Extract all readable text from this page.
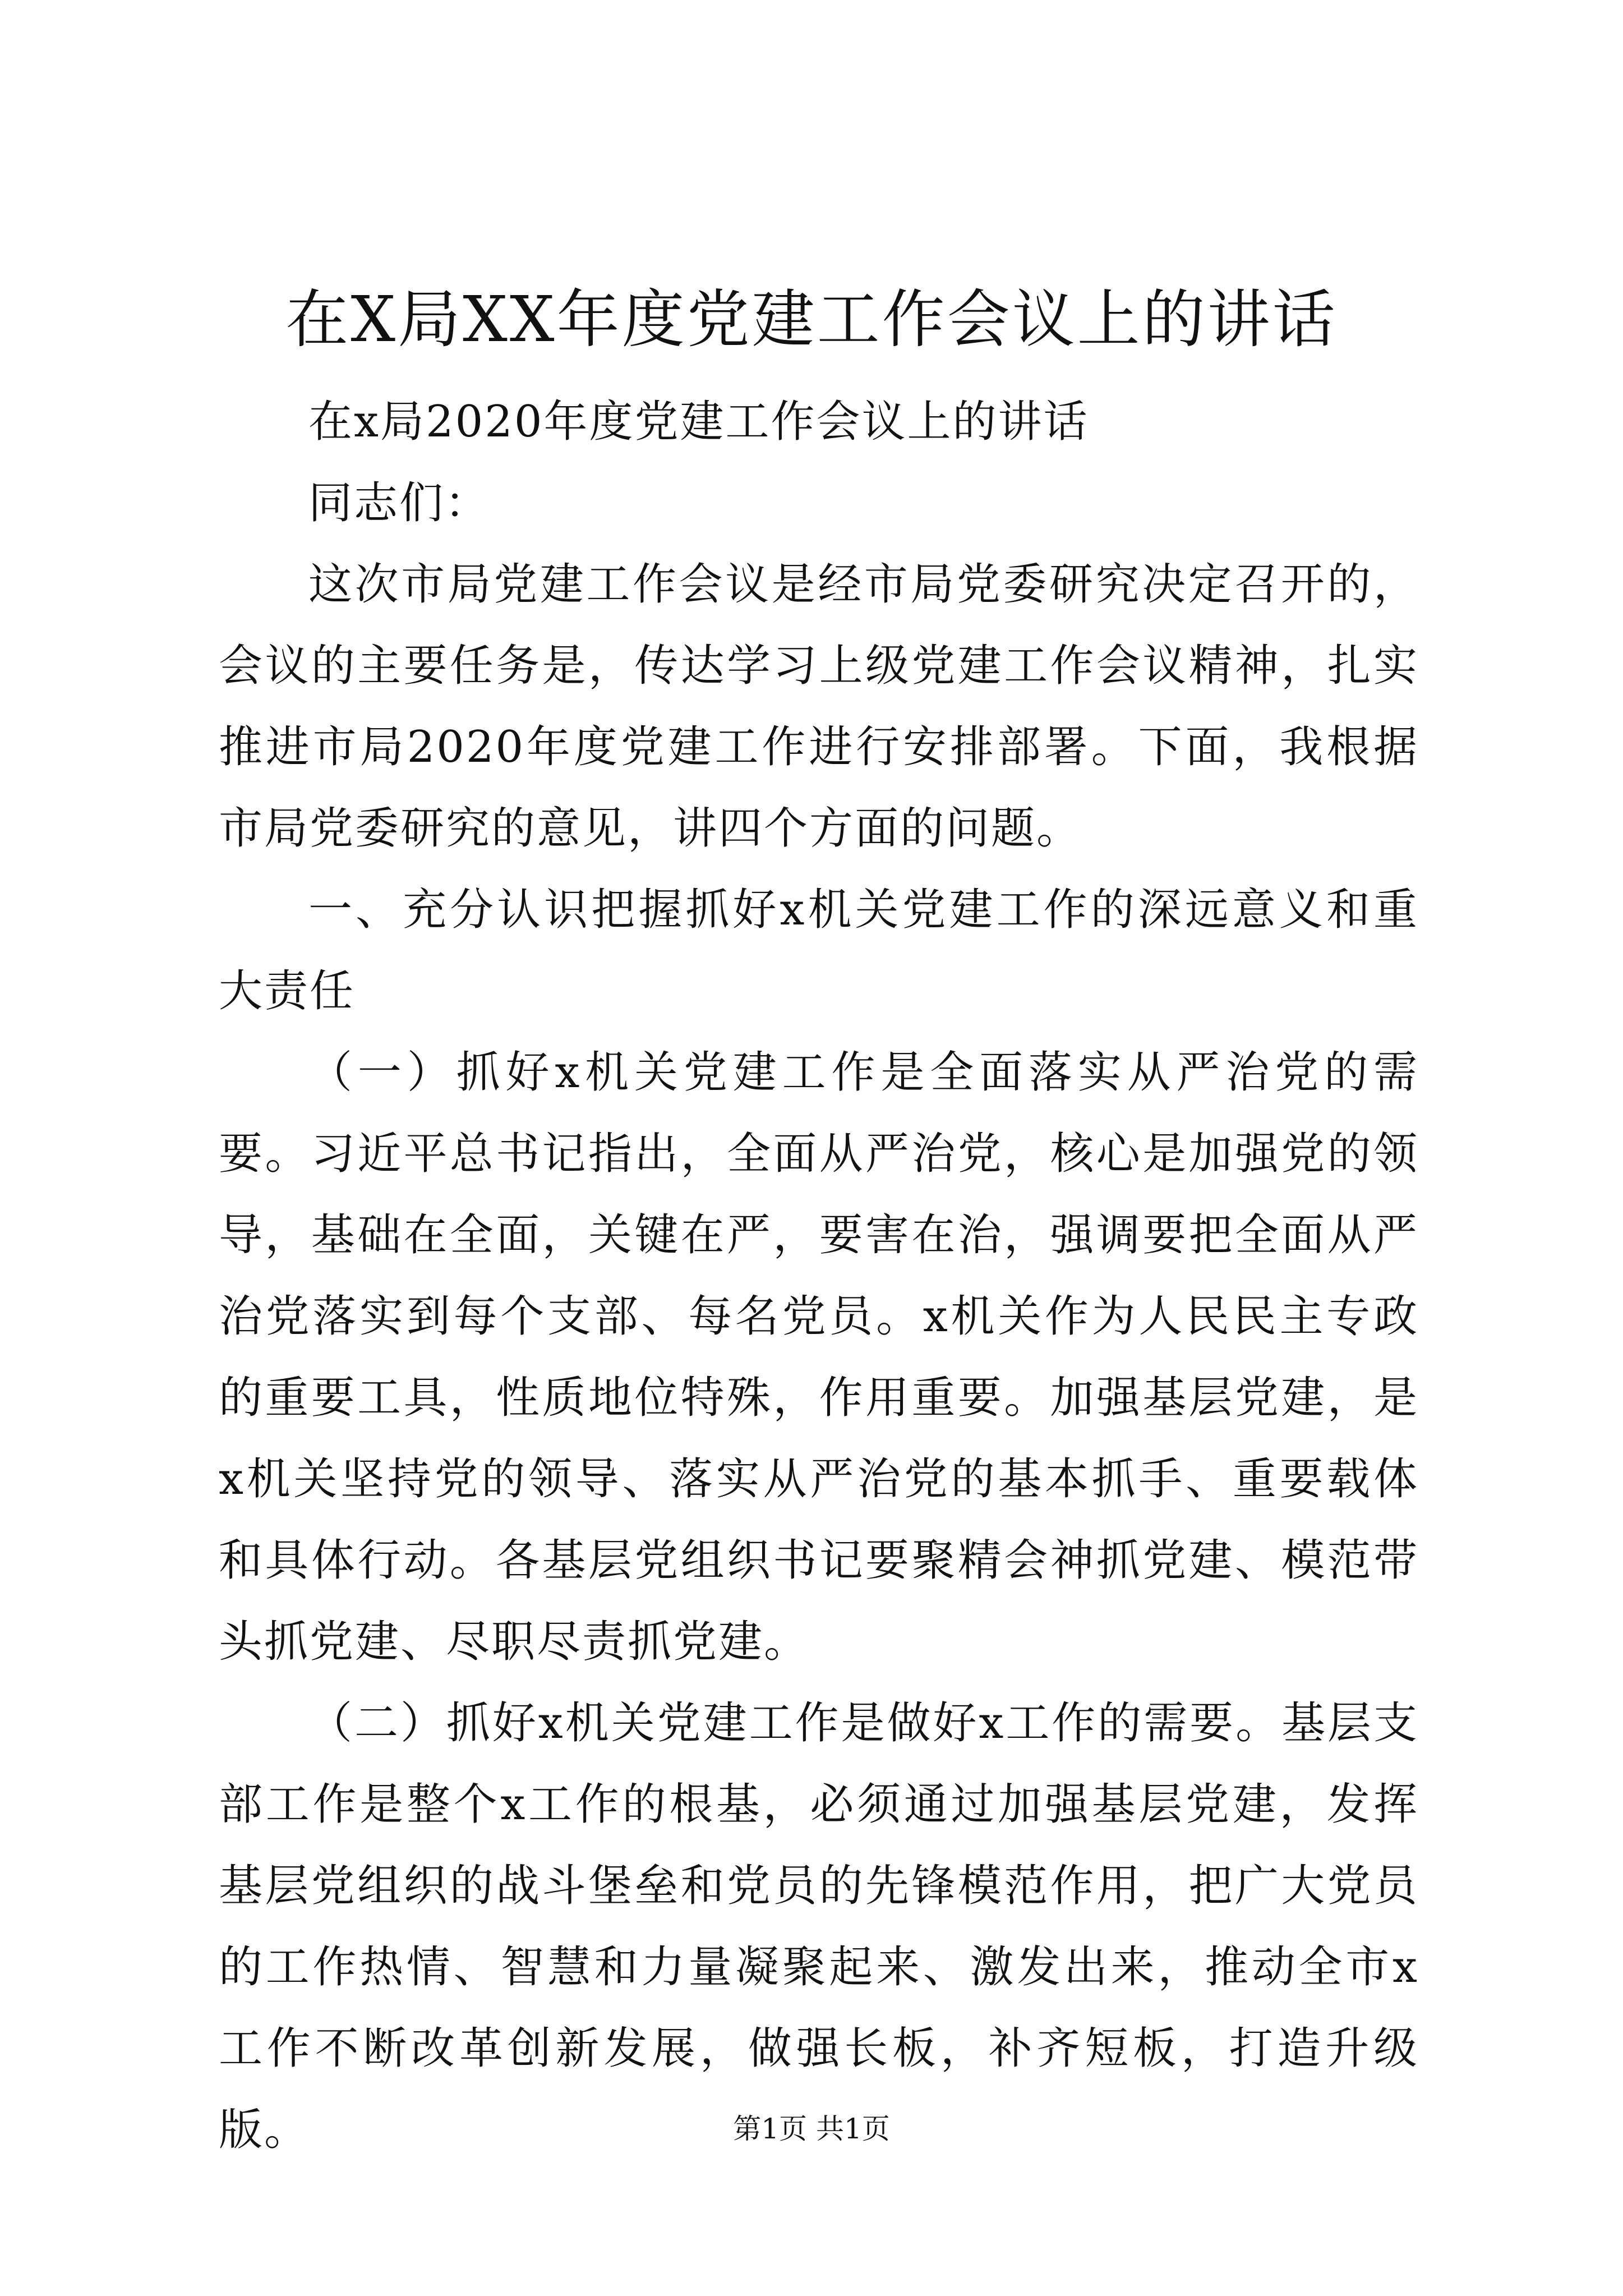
在X局XX年度党建工作会议上的讲话

在x局2020年度党建工作会议上的讲话

同志们：

这次市局党建工作会议是经市局党委研究决定召开的，会议的主要任务是，传达学习上级党建工作会议精神，扎实推进市局2020年度党建工作进行安排部署。下面，我根据市局党委研究的意见，讲四个方面的问题。

一、充分认识把握抓好x机关党建工作的深远意义和重大责任

（一）抓好x机关党建工作是全面落实从严治党的需要。习近平总书记指出，全面从严治党，核心是加强党的领导，基础在全面，关键在严，要害在治，强调要把全面从严治党落实到每个支部、每名党员。x机关作为人民民主专政的重要工具，性质地位特殊，作用重要。加强基层党建，是x机关坚持党的领导、落实从严治党的基本抓手、重要载体和具体行动。各基层党组织书记要聚精会神抓党建、模范带头抓党建、尽职尽责抓党建。

（二）抓好x机关党建工作是做好x工作的需要。基层支部工作是整个x工作的根基，必须通过加强基层党建，发挥基层党组织的战斗堡垒和党员的先锋模范作用，把广大党员的工作热情、智慧和力量凝聚起来、激发出来，推动全市x工作不断改革创新发展，做强长板，补齐短板，打造升级版。	第1页 共1页
